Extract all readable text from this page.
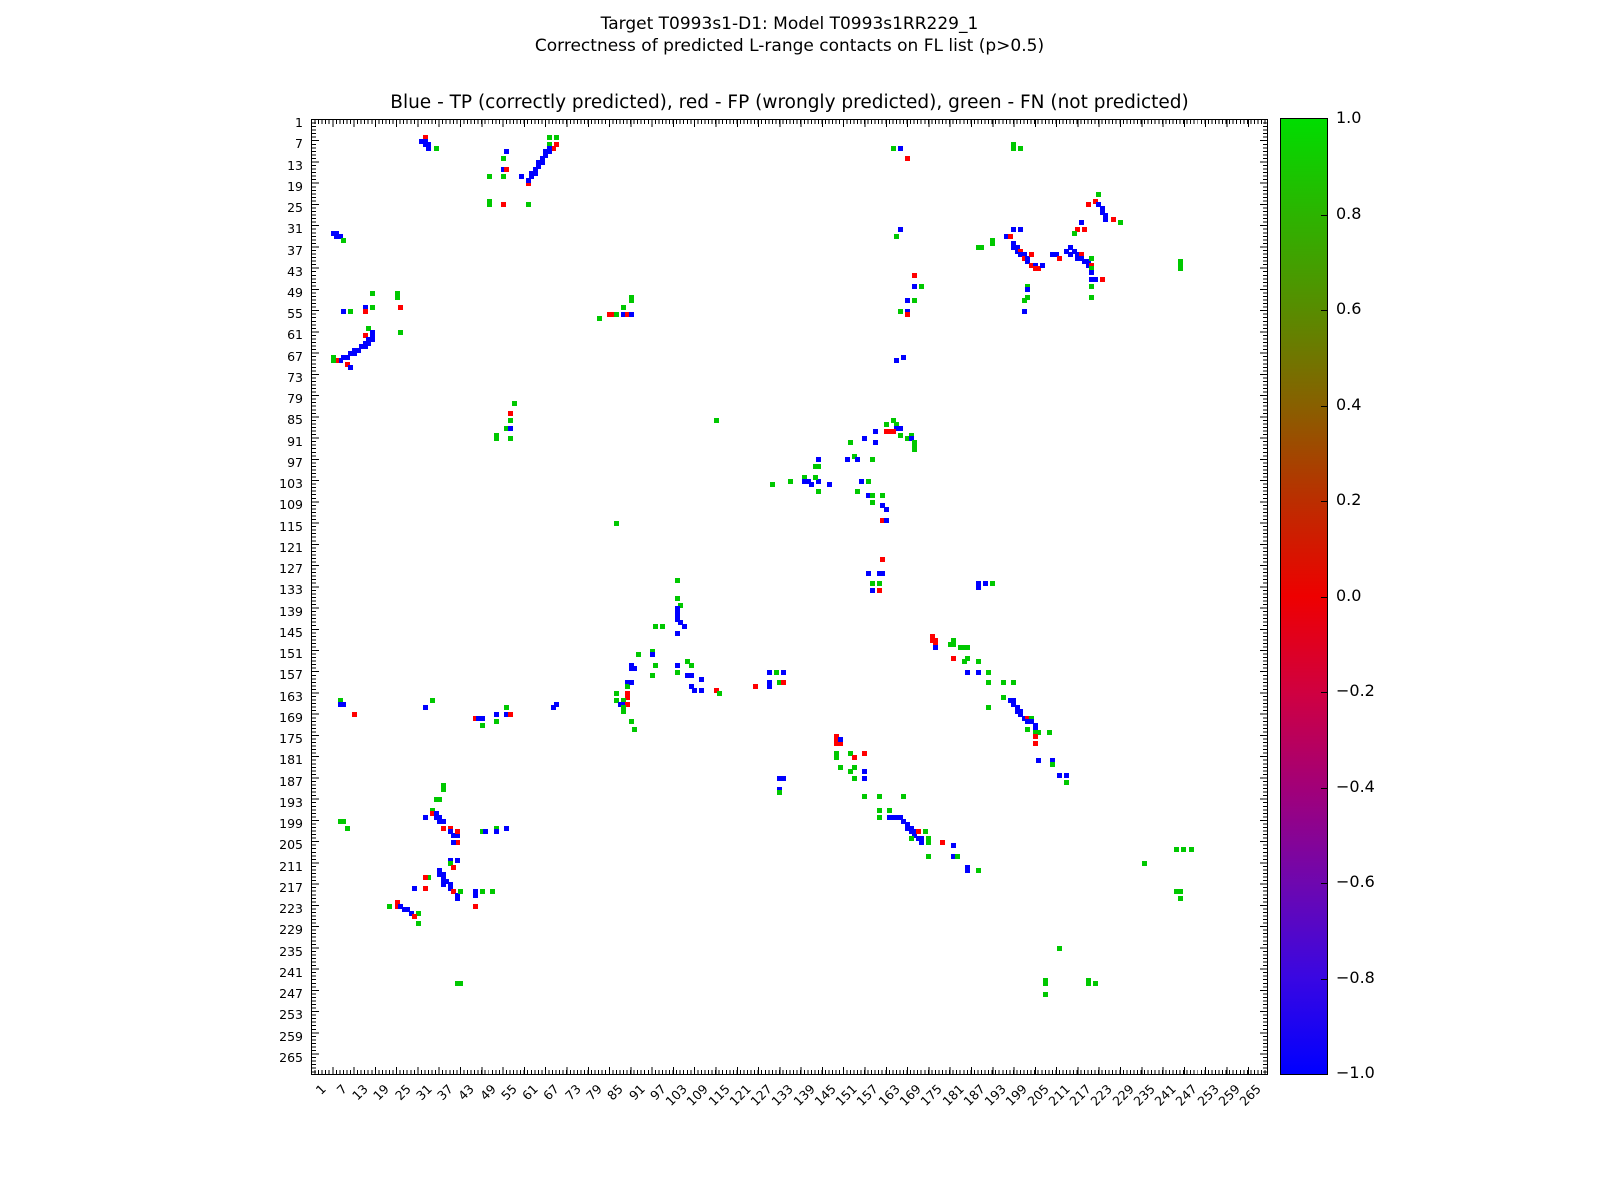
Target T0993s1-D1: Model T0993s1RR229_1
Correctness of predicted L-range contacts on FL list (p>0.5)
Blue - TP (correctly predicted), red - FP (wrongly predicted), green - FN (not predicted)
1
7
13
19
25
31
37
43
49
55
61
67
73
79
85
91
97
103
109
115
121
127
133
139
145
151
157
163
169
175
181
187
193
199
205
211
217
223
229
235
241
247
253
259
265
1 7 13 19 25 31 37 43 49 55 61 67 73 79 85 91 97
103
109
115
121
127
133
139
145
151
157
163
169
175
181
187
193
199
205
211
217
223
229
235
241
247
253
259
265
1.0
0.8
0.6
0.4
0.2
0.0
−0.2
−0.4
−0.6
−0.8
−1.0
